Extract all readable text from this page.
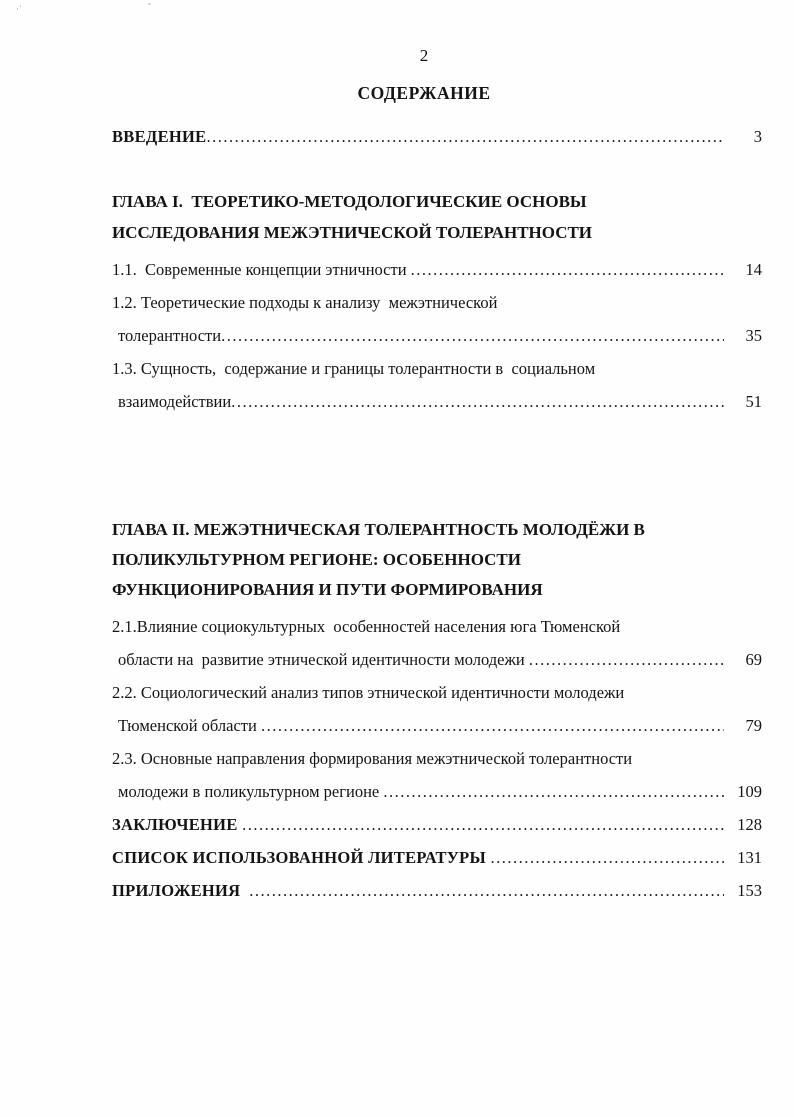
·˙	˜
2
СОДЕРЖАНИЕ
ВВЕДЕНИЕ .....	3
ГЛАВА I.  ТЕОРЕТИКО-МЕТОДОЛОГИЧЕСКИЕ ОСНОВЫ
ИССЛЕДОВАНИЯ МЕЖЭТНИЧЕСКОЙ ТОЛЕРАНТНОСТИ
1.1.  Современные концепции этничности .....	14
1.2. Теоретические подходы к анализу  межэтнической
толерантности .....	35
1.3. Сущность,  содержание и границы толерантности в  социальном
взаимодействии .....	51
ГЛАВА II. МЕЖЭТНИЧЕСКАЯ ТОЛЕРАНТНОСТЬ МОЛОДЁЖИ В
ПОЛИКУЛЬТУРНОМ РЕГИОНЕ: ОСОБЕННОСТИ
ФУНКЦИОНИРОВАНИЯ И ПУТИ ФОРМИРОВАНИЯ
2.1.Влияние социокультурных  особенностей населения юга Тюменской
области на  развитие этнической идентичности молодежи .....	69
2.2. Социологический анализ типов этнической идентичности молодежи
Тюменской области .....	79
2.3. Основные направления формирования межэтнической толерантности
молодежи в поликультурном регионе .....	109
ЗАКЛЮЧЕНИЕ .....	128
СПИСОК ИСПОЛЬЗОВАННОЙ ЛИТЕРАТУРЫ .....	131
ПРИЛОЖЕНИЯ .....	153
